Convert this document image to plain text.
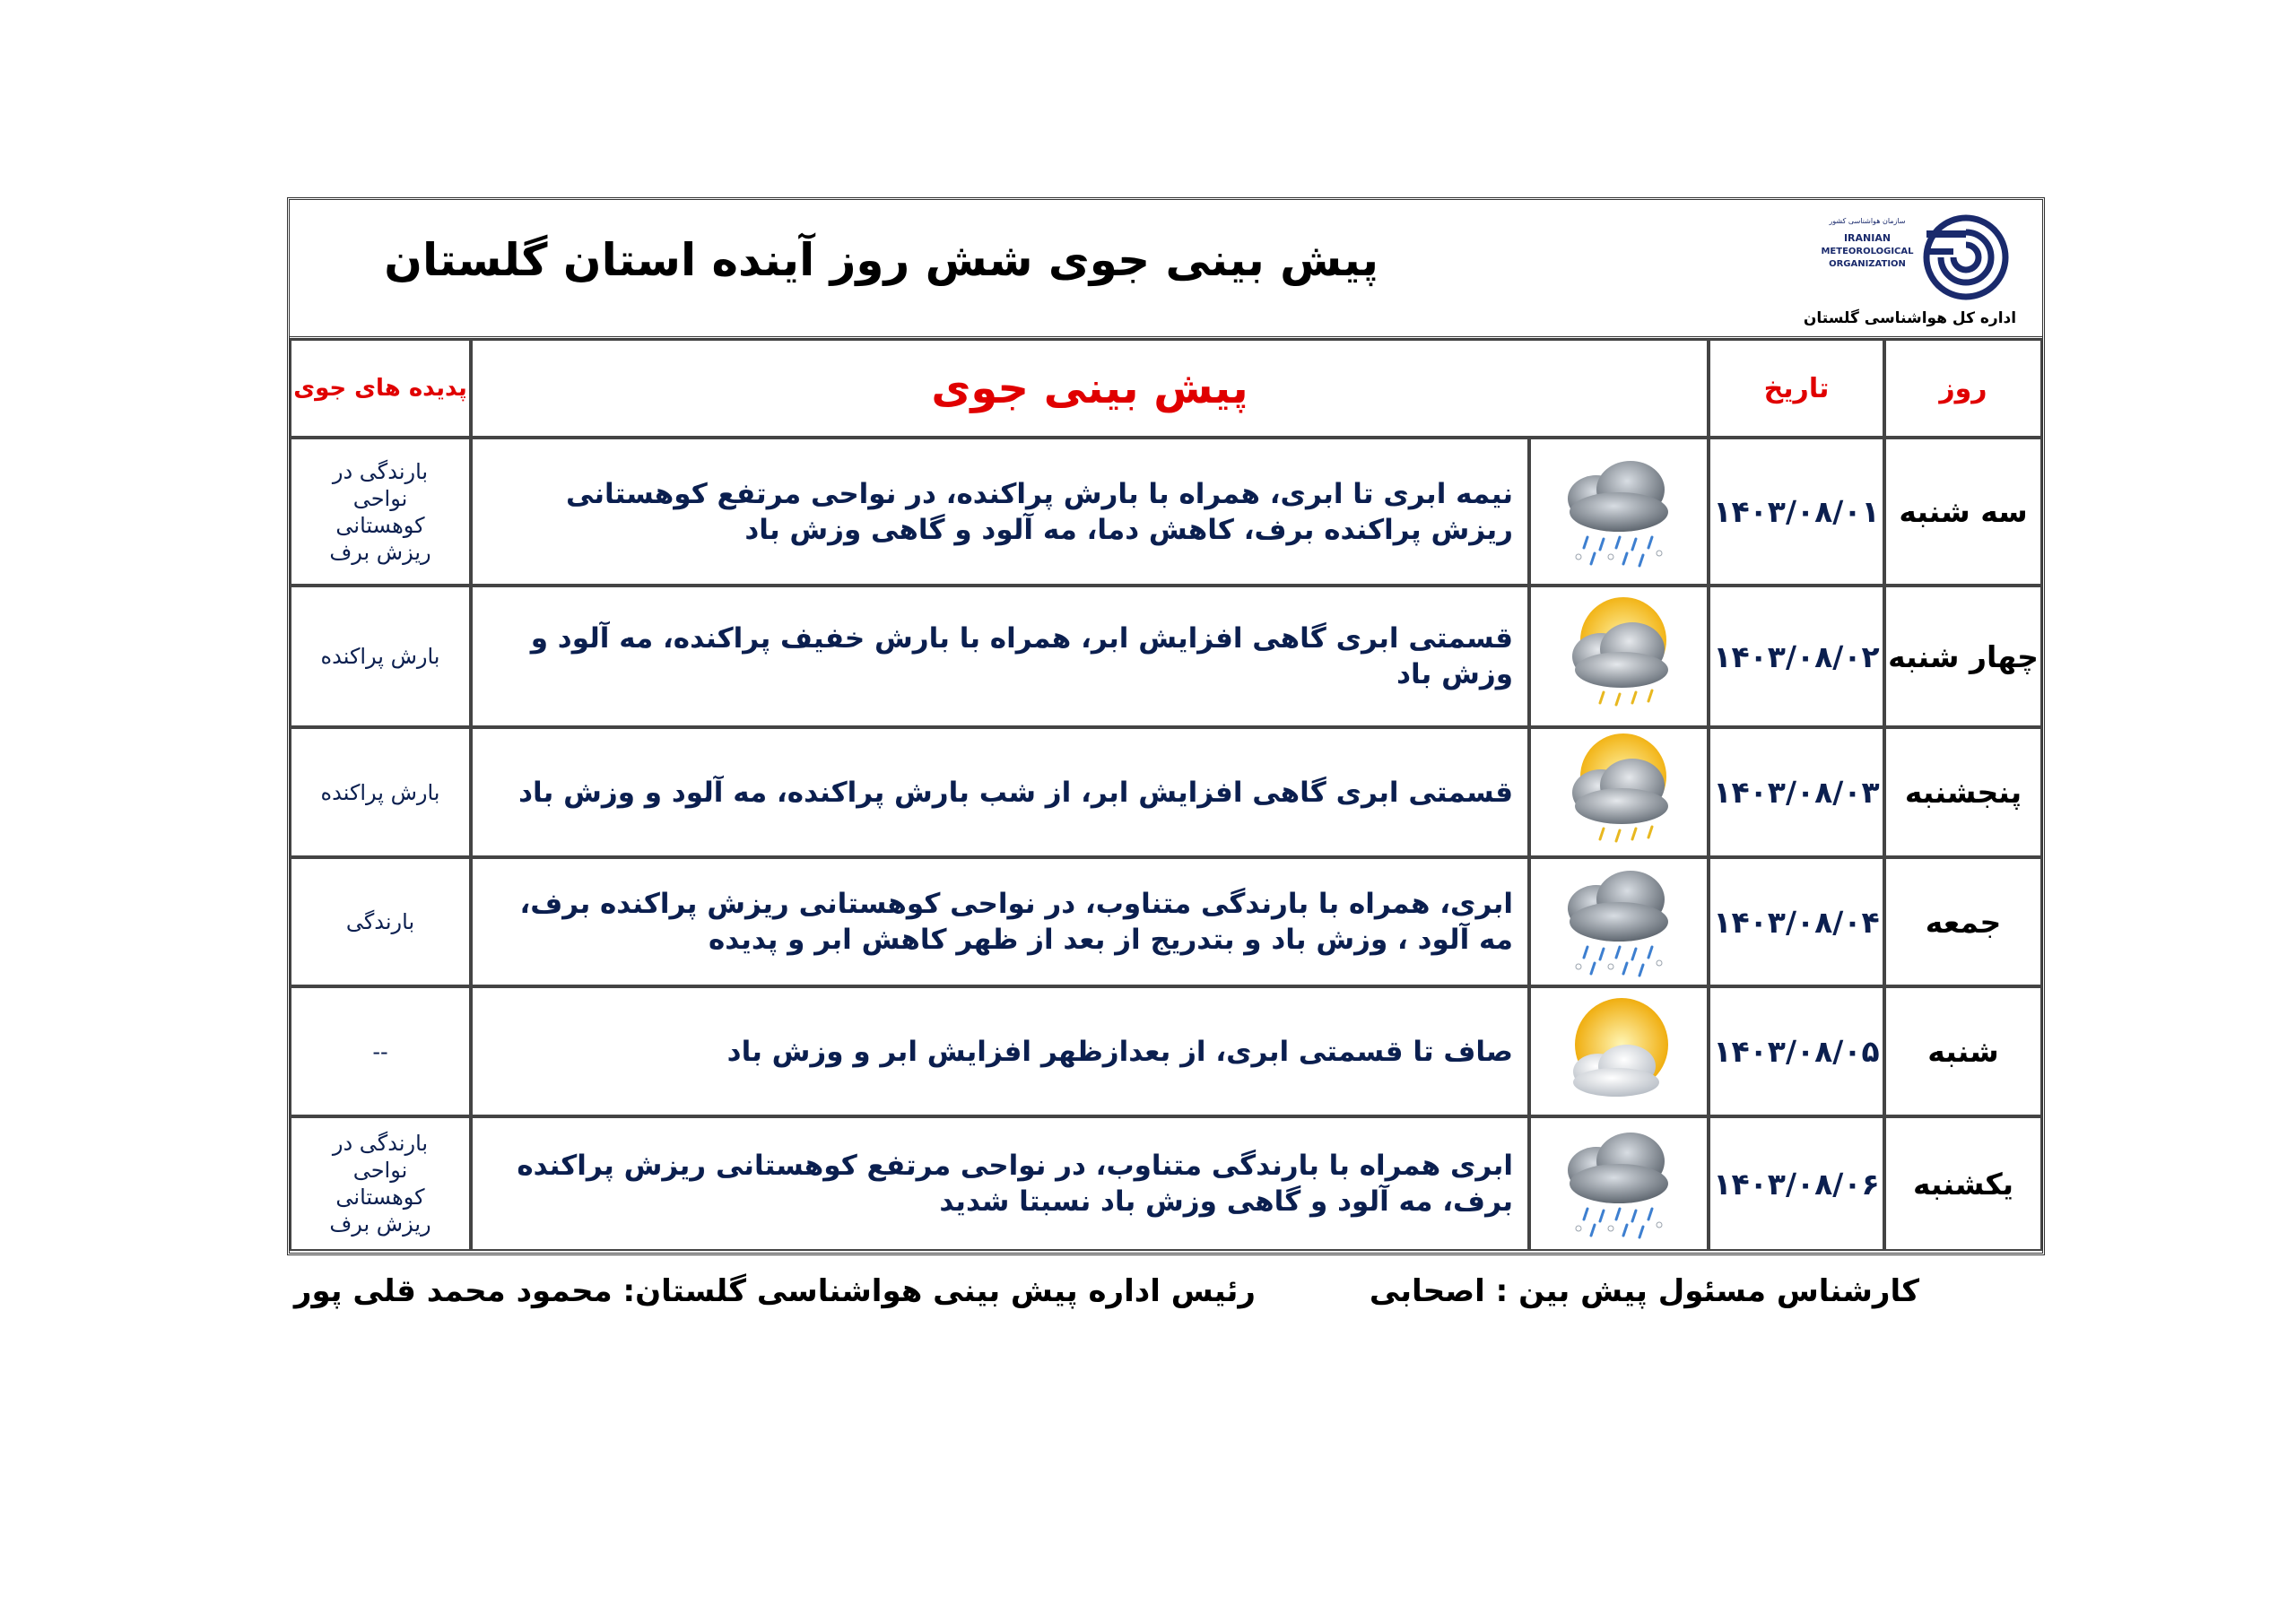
پیش بینی جوی شش روز آینده استان گلستان
سازمان هواشناسی کشور
IRANIAN
METEOROLOGICAL
ORGANIZATION
اداره کل هواشناسی گلستان
پدیده های جوی	پیش بینی جوی		تاریخ	روز
بارندگی در نواحی کوهستانی ریزش برف	نیمه ابری تا ابری، همراه با بارش پراکنده، در نواحی مرتفع کوهستانی ریزش پراکنده برف، کاهش دما، مه آلود و گاهی وزش باد		۱۴۰۳/۰۸/۰۱	سه شنبه
بارش پراکنده	قسمتی ابری گاهی افزایش ابر، همراه با بارش خفیف پراکنده، مه آلود و وزش باد		۱۴۰۳/۰۸/۰۲	چهار شنبه
بارش پراکنده	قسمتی ابری گاهی افزایش ابر، از شب بارش پراکنده، مه آلود و وزش باد		۱۴۰۳/۰۸/۰۳	پنجشنبه
بارندگی	ابری، همراه با بارندگی متناوب، در نواحی کوهستانی ریزش پراکنده برف، مه آلود ، وزش باد و بتدریج از بعد از ظهر کاهش ابر و پدیده		۱۴۰۳/۰۸/۰۴	جمعه
--	صاف تا قسمتی ابری، از بعدازظهر افزایش ابر و وزش باد		۱۴۰۳/۰۸/۰۵	شنبه
بارندگی در نواحی کوهستانی ریزش برف	ابری همراه با بارندگی متناوب، در نواحی مرتفع کوهستانی ریزش پراکنده برف، مه آلود و گاهی وزش باد نسبتا شدید		۱۴۰۳/۰۸/۰۶	یکشنبه
کارشناس مسئول پیش بین : اصحابی
رئیس اداره پیش بینی هواشناسی گلستان: محمود محمد قلی پور
